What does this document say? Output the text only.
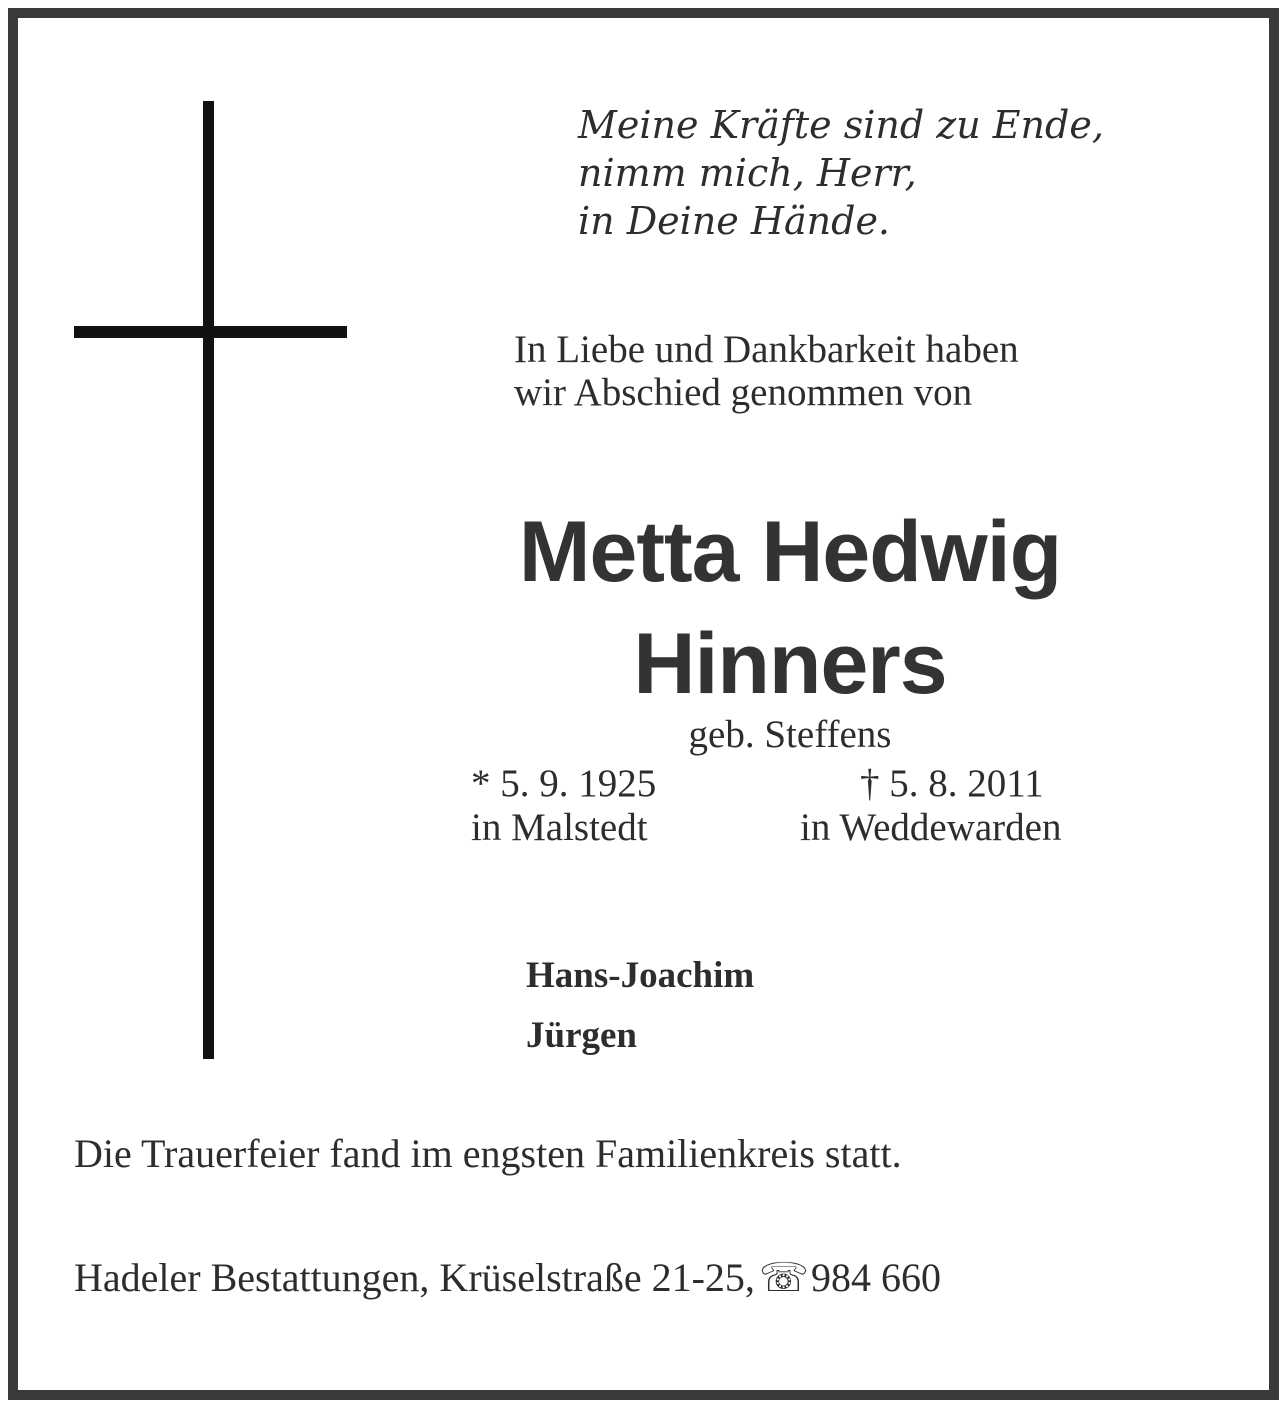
Meine Kräfte sind zu Ende,
nimm mich, Herr,
in Deine Hände.

In Liebe und Dankbarkeit haben
wir Abschied genommen von

Metta Hedwig
Hinners
geb. Steffens
* 5. 9. 1925
in Malstedt
† 5. 8. 2011
in Weddewarden
Hans-Joachim
Jürgen
Die Trauerfeier fand im engsten Familienkreis statt.
Hadeler Bestattungen, Krüselstraße 21-25, ☏984 660
